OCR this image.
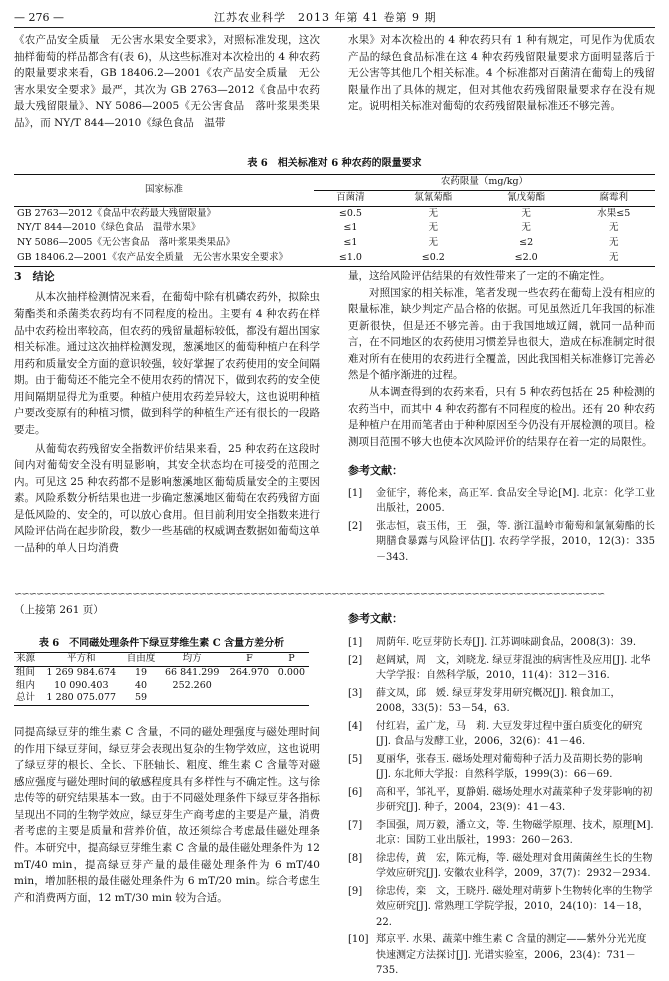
— 276 —	江苏农业科学　2013 年第 41 卷第 9 期

《农产品安全质量　无公害水果安全要求》，对照标准发现，这次抽样葡萄的样品都含有(表 6)，从这些标准对本次检出的 4 种农药的限量要求来看，GB 18406.2—2001《农产品安全质量　无公害水果安全要求》最严，其次为 GB 2763—2012《食品中农药最大残留限量》、NY 5086—2005《无公害食品　落叶浆果类果品》，而 NY/T 844—2010《绿色食品　温带

水果》对本次检出的 4 种农药只有 1 种有规定，可见作为优质农产品的绿色食品标准在这 4 种农药残留限量要求方面明显落后于无公害等其他几个相关标准。4 个标准都对百菌清在葡萄上的残留限量作出了具体的规定，但对其他农药残留限量要求存在没有规定。说明相关标准对葡萄的农药残留限量标准还不够完善。

表 6　相关标准对 6 种农药的限量要求
国家标准	农药限量（mg/kg）			
	百菌清	氯氰菊酯	氰戊菊酯	腐霉利
GB 2763—2012《食品中农药最大残留限量》	≤0.5	无	无	水果≤5
NY/T 844—2010《绿色食品　温带水果》	≤1	无	无	无
NY 5086—2005《无公害食品　落叶浆果类果品》	≤1	无	≤2	无
GB 18406.2—2001《农产品安全质量　无公害水果安全要求》	≤1.0	≤0.2	≤2.0	无
3　结论

从本次抽样检测情况来看，在葡萄中除有机磷农药外，拟除虫菊酯类和杀菌类农药均有不同程度的检出。主要有 4 种农药在样品中农药检出率较高，但农药的残留量超标较低，都没有超出国家相关标准。通过这次抽样检测发现，葱溪地区的葡萄种植户在科学用药和质量安全方面的意识较强，较好掌握了农药使用的安全间隔期。由于葡萄还不能完全不使用农药的情况下，做到农药的安全使用间隔期显得尤为重要。种植户使用农药差异较大，这也说明种植户要改变原有的种植习惯，做到科学的种植生产还有很长的一段路要走。

从葡萄农药残留安全指数评价结果来看，25 种农药在这段时间内对葡萄安全没有明显影响，其安全状态均在可接受的范围之内。可见这 25 种农药都不是影响葱溪地区葡萄质量安全的主要因素。风险系数分析结果也进一步确定葱溪地区葡萄在农药残留方面是低风险的、安全的，可以放心食用。但目前利用安全指数来进行风险评估尚在起步阶段，数少一些基础的权威调查数据如葡萄这单一品种的单人日均消费

量，这给风险评估结果的有效性带来了一定的不确定性。

对照国家的相关标准，笔者发现一些农药在葡萄上没有相应的限量标准，缺少判定产品合格的依据。可见虽然近几年我国的标准更新很快，但是还不够完善。由于我国地域辽阔，就同一品种而言，在不同地区的农药使用习惯差异也很大，造成在标准制定时很难对所有在使用的农药进行全覆盖，因此我国相关标准修订完善必然是个循序渐进的过程。

从本调查得到的农药来看，只有 5 种农药包括在 25 种检测的农药当中，而其中 4 种农药都有不同程度的检出。还有 20 种农药是种植户在用而笔者由于种种原因至今仍没有开展检测的项目。检测项目范围不够大也使本次风险评价的结果存在着一定的局限性。

参考文献：
[1]	金征宇，蒋伦来，高正军. 食品安全导论[M]. 北京：化学工业出版社，2005.
[2]	张志恒，袁玉伟，王　强，等. 浙江温岭市葡萄和氯氰菊酯的长期膳食暴露与风险评估[J]. 农药学学报，2010，12(3)：335－343.
∽∽∽∽∽∽∽∽∽∽∽∽∽∽∽∽∽∽∽∽∽∽∽∽∽∽∽∽∽∽∽∽∽∽∽∽∽∽∽∽∽∽∽∽∽∽∽∽∽∽∽∽∽∽∽∽∽∽∽∽∽∽∽∽∽∽∽∽∽∽∽∽∽∽∽∽∽∽∽∽
（上接第 261 页）
表 6　不同磁处理条件下绿豆芽维生素 C 含量方差分析
来源	平方和	自由度	均方	F	P
组间	1 269 984.674	19	66 841.299	264.970	0.000
组内	10 090.403	40	252.260		
总计	1 280 075.077	59			

同提高绿豆芽的维生素 C 含量，不同的磁处理强度与磁处理时间的作用下绿豆芽间，绿豆芽会表现出复杂的生物学效应，这也说明了绿豆芽的根长、全长、下胚轴长、粗度、维生素 C 含量等对磁感应强度与磁处理时间的敏感程度具有多样性与不确定性。这与徐忠传等的研究结果基本一致。由于不同磁处理条件下绿豆芽各指标呈现出不同的生物学效应，绿豆芽生产商考虑的主要是产量，消费者考虑的主要是质量和营养价值，故还须综合考虑最佳磁处理条件。本研究中，提高绿豆芽维生素 C 含量的最佳磁处理条件为 12 mT/40 min，提高绿豆芽产量的最佳磁处理条件为 6 mT/40 min，增加胚根的最佳磁处理条件为 6 mT/20 min。综合考虑生产和消费两方面，12 mT/30 min 较为合适。

参考文献：
[1]	周荫年. 吃豆芽防长寿[J]. 江苏调味副食品，2008(3)：39.
[2]	赵阔斌，周　文，刘晓龙. 绿豆芽混浊的病害性及应用[J]. 北华大学学报：自然科学版，2010，11(4)：312－316.
[3]	薛文凤，邱　媛. 绿豆芽发芽用研究概况[J]. 粮食加工，2008，33(5)：53－54，63.
[4]	付红岩，孟广龙，马　莉. 大豆发芽过程中蛋白质变化的研究[J]. 食品与发酵工业，2006，32(6)：41－46.
[5]	夏丽华，张春玉. 磁场处理对葡萄种子活力及苗期长势的影响[J]. 东北师大学报：自然科学版，1999(3)：66－69.
[6]	高和平，邹礼平，夏静娟. 磁场处理水对蔬菜种子发芽影响的初步研究[J]. 种子，2004，23(9)：41－43.
[7]	李国强，周万毅，潘立文，等. 生物磁学原理、技术，原理[M]. 北京：国防工业出版社，1993：260－263.
[8]	徐忠传，黄　宏，陈元梅，等. 磁处理对食用菌菌丝生长的生物学效应研究[J]. 安徽农业科学，2009，37(7)：2932－2934.
[9]	徐忠传，栾　文，王晓丹. 磁处理对萌萝卜生物转化率的生物学效应研究[J]. 常熟理工学院学报，2010，24(10)：14－18，22.
[10] 郑京平. 水果、蔬菜中维生素 C 含量的测定——紫外分光光度快速测定方法探讨[J]. 光谱实验室，2006，23(4)：731－735.
